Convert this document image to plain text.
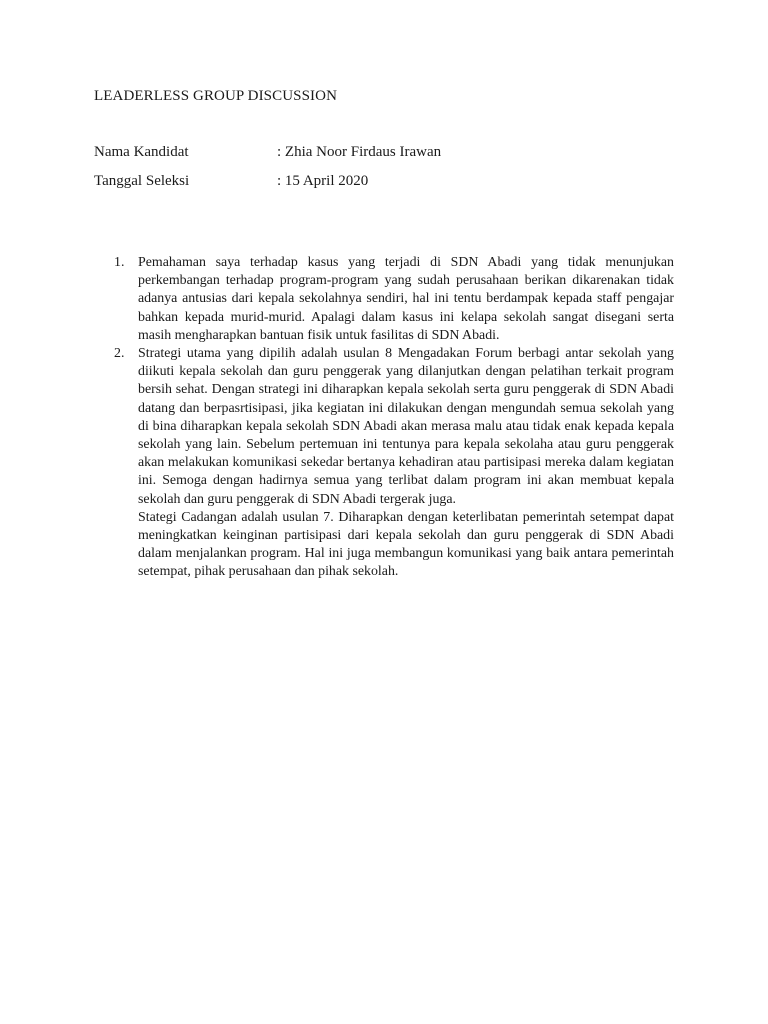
LEADERLESS GROUP DISCUSSION
Nama Kandidat	: Zhia Noor Firdaus Irawan
Tanggal Seleksi	: 15 April 2020
1. Pemahaman saya terhadap kasus yang terjadi di SDN Abadi yang tidak menunjukan perkembangan terhadap program-program yang sudah perusahaan berikan dikarenakan tidak adanya antusias dari kepala sekolahnya sendiri, hal ini tentu berdampak kepada staff pengajar bahkan kepada murid-murid. Apalagi dalam kasus ini kelapa sekolah sangat disegani serta masih mengharapkan bantuan fisik untuk fasilitas di SDN Abadi.

2. Strategi utama yang dipilih adalah usulan 8 Mengadakan Forum berbagi antar sekolah yang diikuti kepala sekolah dan guru penggerak yang dilanjutkan dengan pelatihan terkait program bersih sehat. Dengan strategi ini diharapkan kepala sekolah serta guru penggerak di SDN Abadi datang dan berpasrtisipasi, jika kegiatan ini dilakukan dengan mengundah semua sekolah yang di bina diharapkan kepala sekolah SDN Abadi akan merasa malu atau tidak enak kepada kepala sekolah yang lain. Sebelum pertemuan ini tentunya para kepala sekolaha atau guru penggerak akan melakukan komunikasi sekedar bertanya kehadiran atau partisipasi mereka dalam kegiatan ini. Semoga dengan hadirnya semua yang terlibat dalam program ini akan membuat kepala sekolah dan guru penggerak di SDN Abadi tergerak juga.

Stategi Cadangan adalah usulan 7. Diharapkan dengan keterlibatan pemerintah setempat dapat meningkatkan keinginan partisipasi dari kepala sekolah dan guru penggerak di SDN Abadi dalam menjalankan program. Hal ini juga membangun komunikasi yang baik antara pemerintah setempat, pihak perusahaan dan pihak sekolah.
